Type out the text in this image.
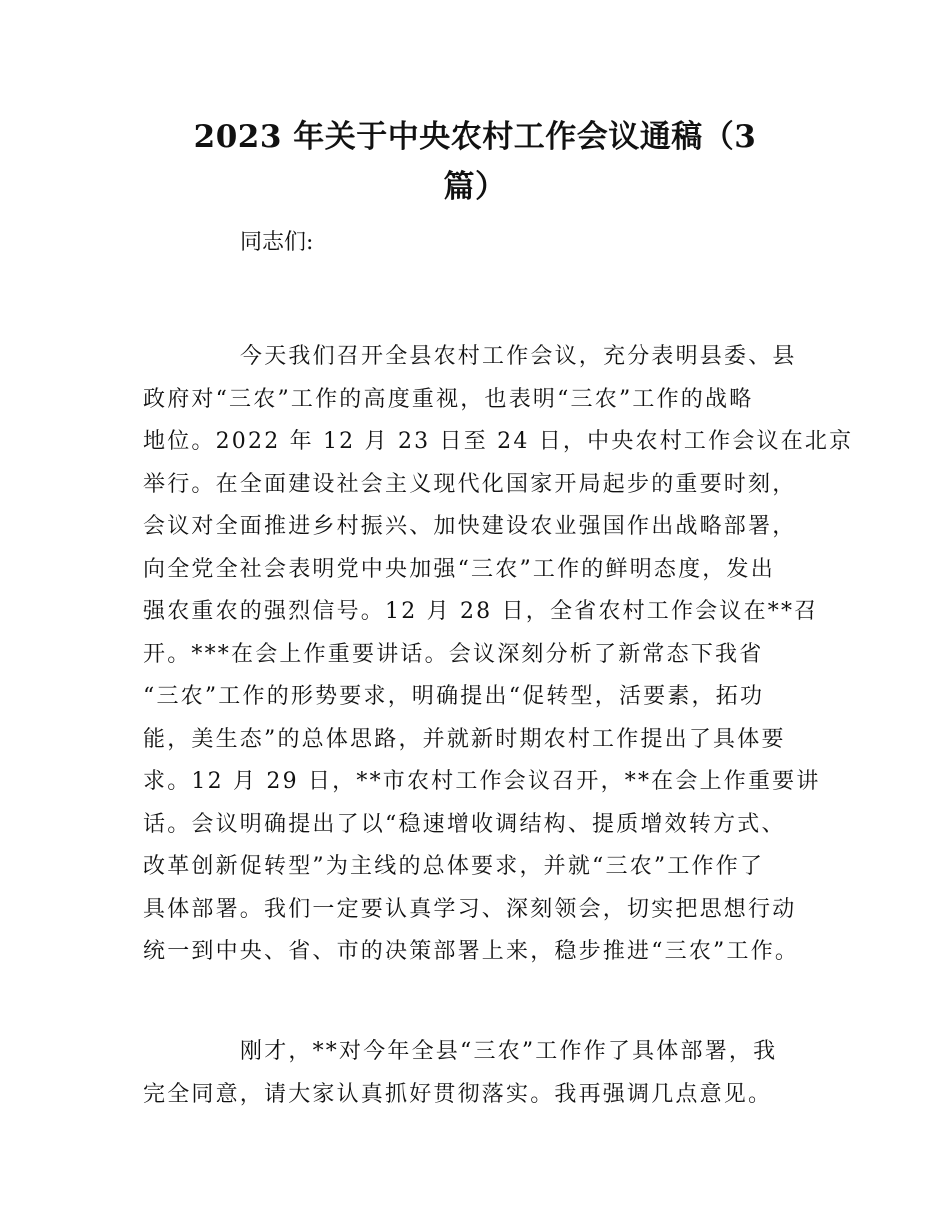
2023 年关于中央农村工作会议通稿（3
篇）

同志们:

今天我们召开全县农村工作会议，充分表明县委、县
政府对“三农”工作的高度重视，也表明“三农”工作的战略
地位。2022 年 12 月 23 日至 24 日，中央农村工作会议在北京
举行。在全面建设社会主义现代化国家开局起步的重要时刻，
会议对全面推进乡村振兴、加快建设农业强国作出战略部署，
向全党全社会表明党中央加强“三农”工作的鲜明态度，发出
强农重农的强烈信号。12 月 28 日，全省农村工作会议在**召
开。***在会上作重要讲话。会议深刻分析了新常态下我省
“三农”工作的形势要求，明确提出“促转型，活要素，拓功
能，美生态”的总体思路，并就新时期农村工作提出了具体要
求。12 月 29 日，**市农村工作会议召开，**在会上作重要讲
话。会议明确提出了以“稳速增收调结构、提质增效转方式、
改革创新促转型”为主线的总体要求，并就“三农”工作作了
具体部署。我们一定要认真学习、深刻领会，切实把思想行动
统一到中央、省、市的决策部署上来，稳步推进“三农”工作。
刚才，**对今年全县“三农”工作作了具体部署，我
完全同意，请大家认真抓好贯彻落实。我再强调几点意见。
